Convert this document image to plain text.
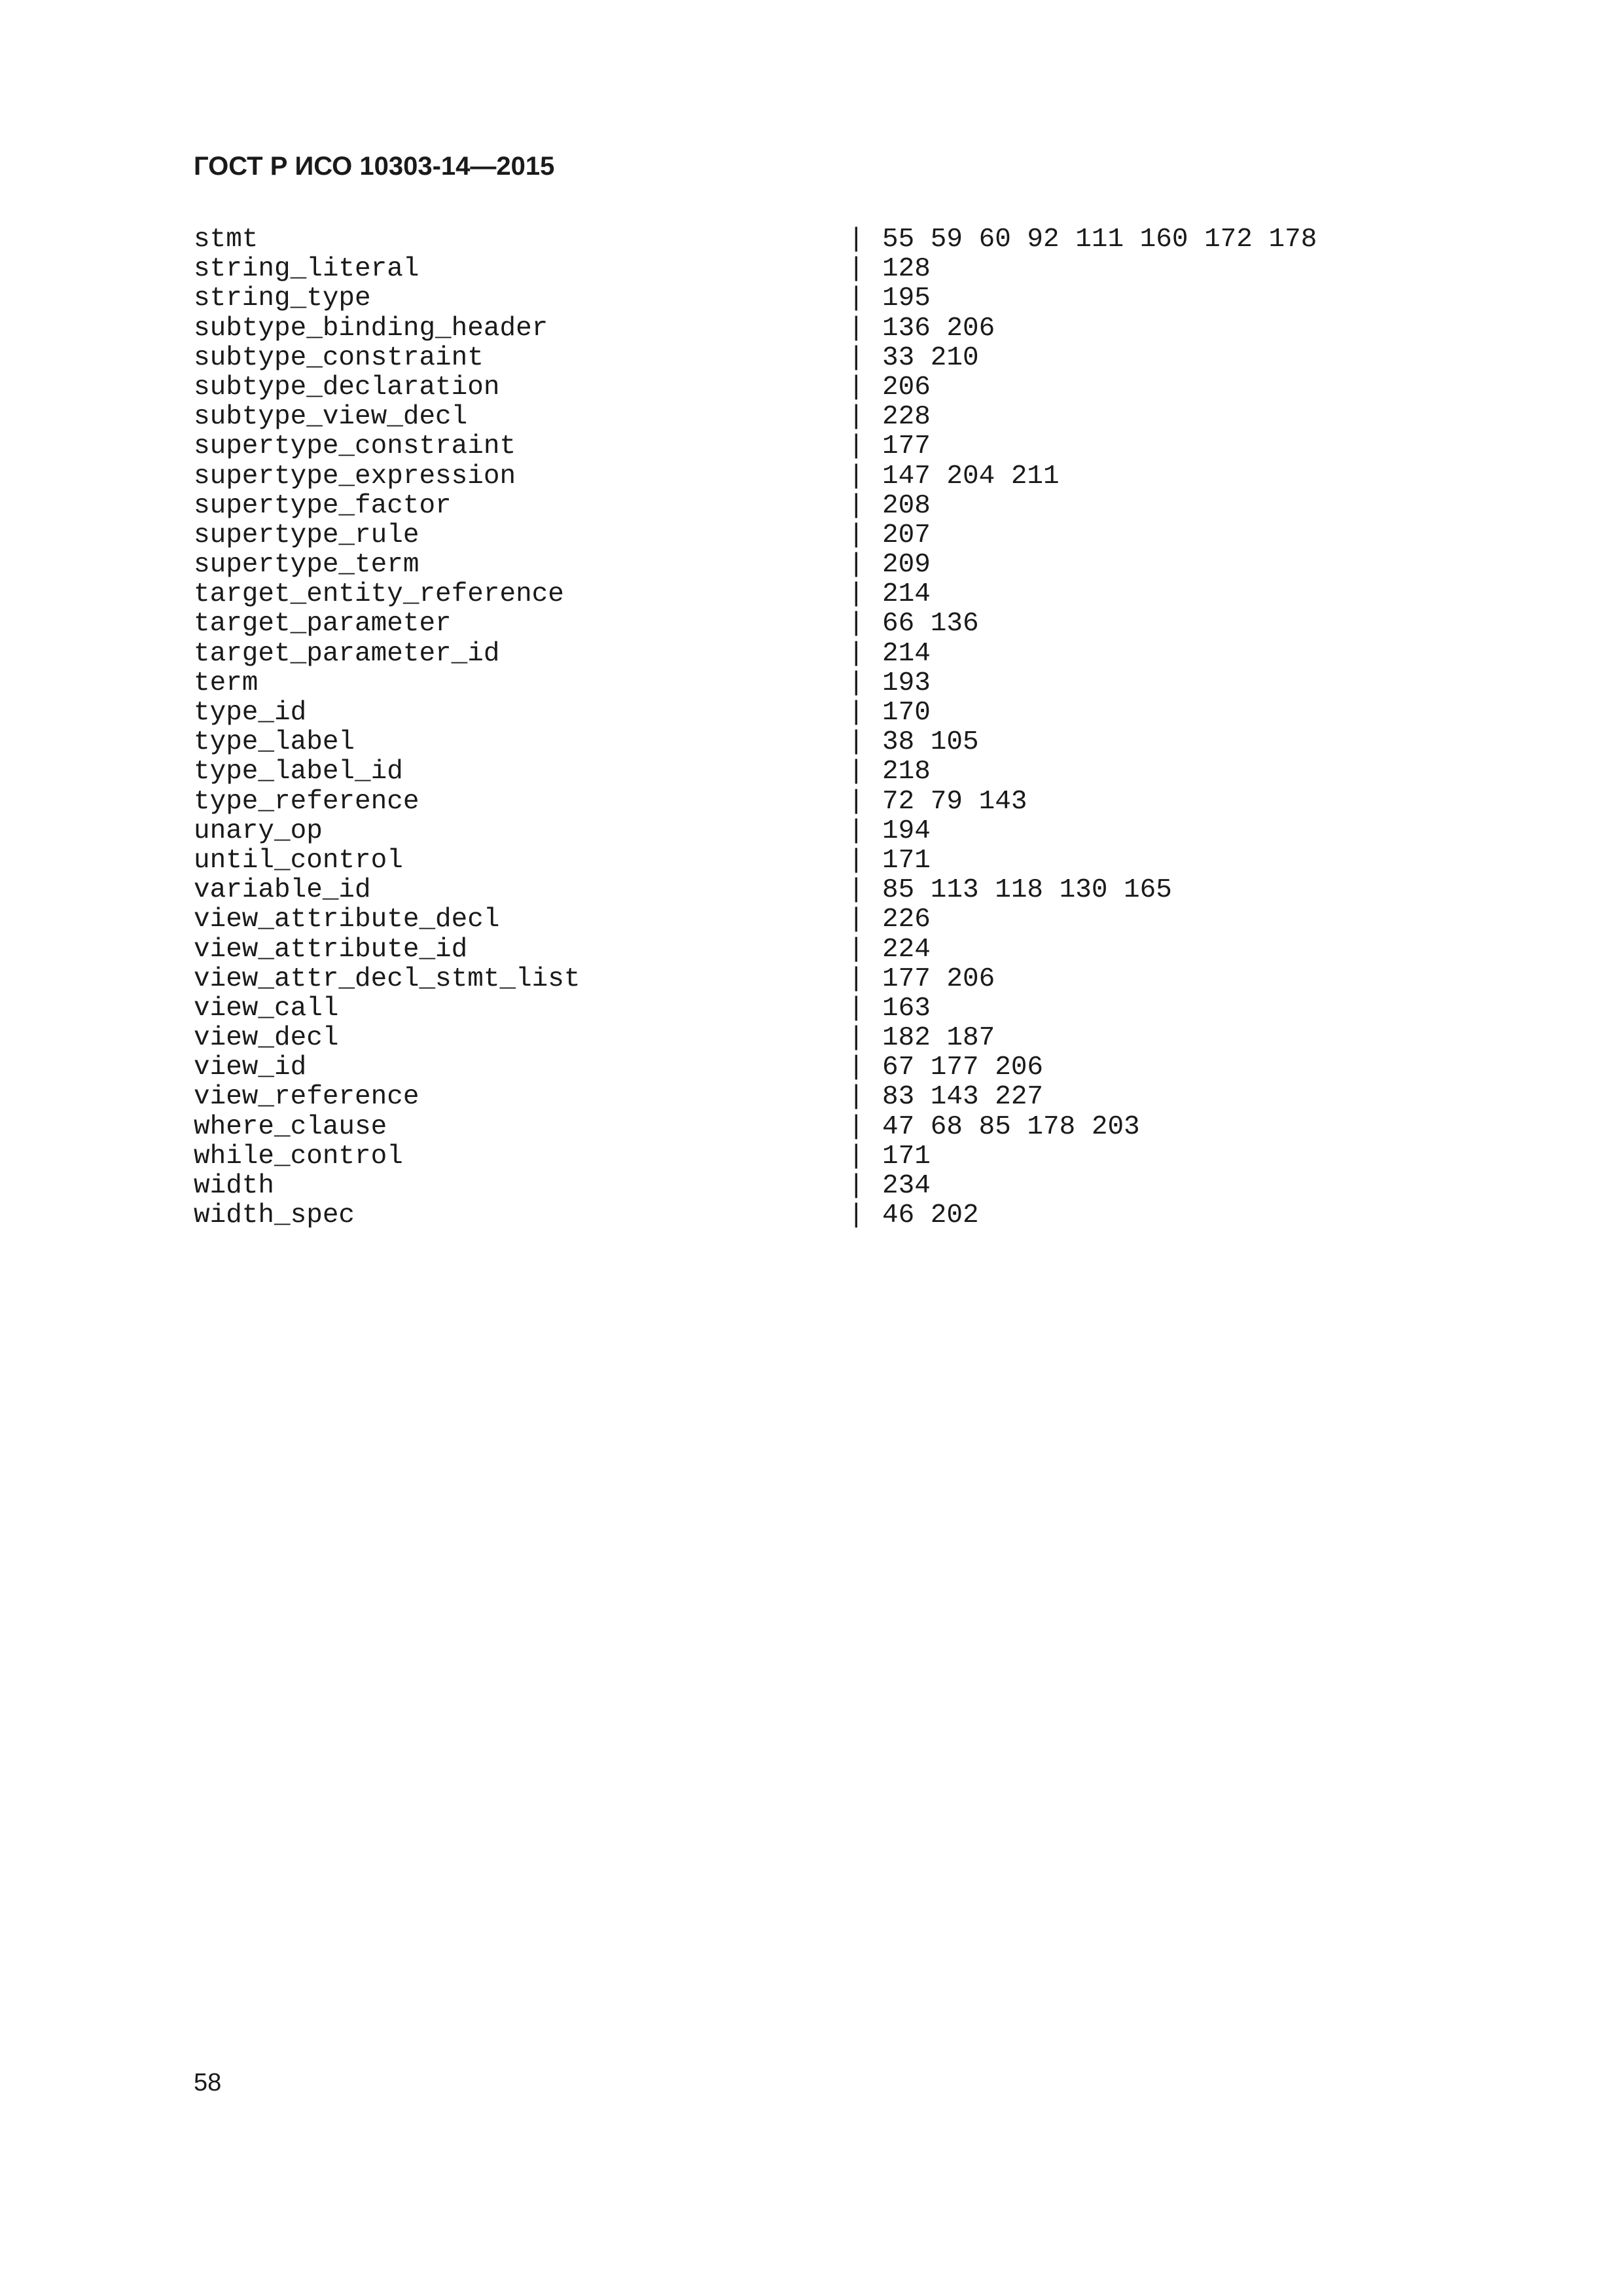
ГОСТ Р ИСО 10303-14—2015
stmt	| 55 59 60 92 111 160 172 178
string_literal	| 128
string_type	| 195
subtype_binding_header	| 136 206
subtype_constraint	| 33 210
subtype_declaration	| 206
subtype_view_decl	| 228
supertype_constraint	| 177
supertype_expression	| 147 204 211
supertype_factor	| 208
supertype_rule	| 207
supertype_term	| 209
target_entity_reference	| 214
target_parameter	| 66 136
target_parameter_id	| 214
term	| 193
type_id	| 170
type_label	| 38 105
type_label_id	| 218
type_reference	| 72 79 143
unary_op	| 194
until_control	| 171
variable_id	| 85 113 118 130 165
view_attribute_decl	| 226
view_attribute_id	| 224
view_attr_decl_stmt_list	| 177 206
view_call	| 163
view_decl	| 182 187
view_id	| 67 177 206
view_reference	| 83 143 227
where_clause	| 47 68 85 178 203
while_control	| 171
width	| 234
width_spec	| 46 202
58
